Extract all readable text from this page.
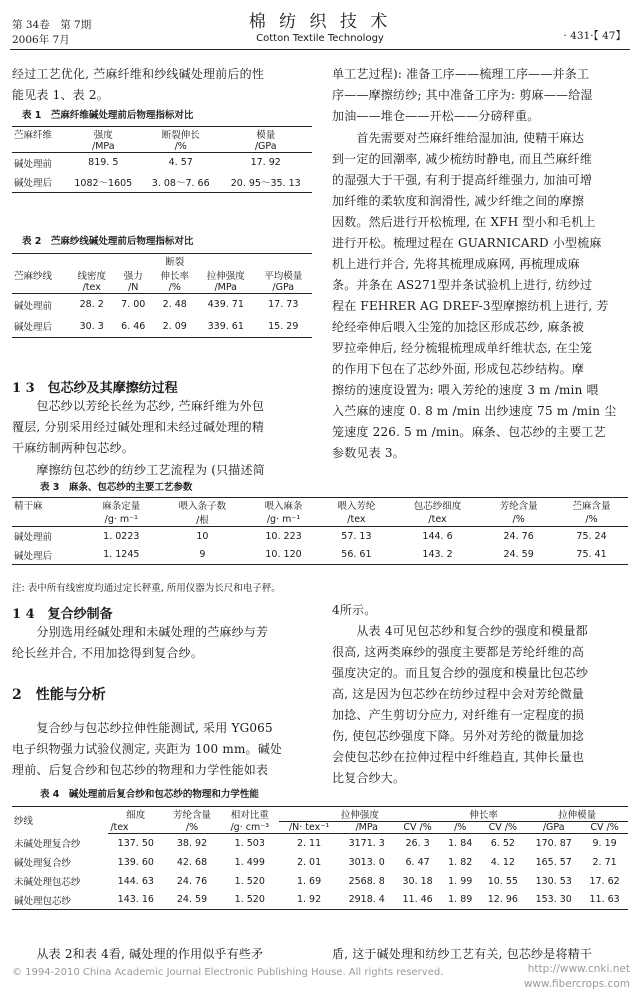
第 34卷　第 7期
2006年 7月
棉 纺 织 技 术
Cotton Textile Technology	· 431·【 47】
经过工艺优化, 苎麻纤维和纱线碱处理前后的性
能见表 1、表 2。
表 1　苎麻纤维碱处理前后物理指标对比
苎麻纤维	强度	断裂伸长	模量
	/MPa	/%	/GPa
碱处理前	819. 5	4. 57	17. 92
碱处理后	1082～1605	3. 08～7. 66	20. 95～35. 13
表 2　苎麻纱线碱处理前后物理指标对比
			断裂		
苎麻纱线	线密度	强力	伸长率	拉伸强度	平均模量
	/tex	/N	/%	/MPa	/GPa
碱处理前	28. 2	7. 00	2. 48	439. 71	17. 73
碱处理后	30. 3	6. 46	2. 09	339. 61	15. 29
1 3　包芯纱及其摩擦纺过程
　　包芯纱以芳纶长丝为芯纱, 苎麻纤维为外包
覆层, 分别采用经过碱处理和未经过碱处理的精
干麻纺制两种包芯纱。
　　摩擦纺包芯纱的纺纱工艺流程为 (只描述简
单工艺过程): 准备工序——梳理工序——并条工
序——摩擦纺纱; 其中准备工序为: 剪麻——给湿
加油——堆仓——开松——分磅秤重。
　　首先需要对苎麻纤维给湿加油, 使精干麻达
到一定的回潮率, 减少梳纺时静电, 而且苎麻纤维
的湿强大于干强, 有利于提高纤维强力, 加油可增
加纤维的柔软度和润滑性, 减少纤维之间的摩擦
因数。然后进行开松梳理, 在 XFH 型小和毛机上
进行开松。梳理过程在 GUARNICARD 小型梳麻
机上进行并合, 先将其梳理成麻网, 再梳理成麻
条。并条在 AS271型并条试验机上进行, 纺纱过
程在 FEHRER AG DREF-3型摩擦纺机上进行, 芳
纶经牵伸后喂入尘笼的加捻区形成芯纱, 麻条被
罗拉牵伸后, 经分梳辊梳理成单纤维状态, 在尘笼
的作用下包在了芯纱外面, 形成包芯纱结构。摩
擦纺的速度设置为: 喂入芳纶的速度 3 m /min 喂
入苎麻的速度 0. 8 m /min 出纱速度 75 m /min 尘
笼速度 226. 5 m /min。麻条、包芯纱的主要工艺
参数见表 3。
表 3　麻条、包芯纱的主要工艺参数
精干麻	麻条定量	喂入条子数	喂入麻条	喂入芳纶	包芯纱细度	芳纶含量	苎麻含量
	/g· m⁻¹	/根	/g· m⁻¹	/tex	/tex	/%	/%
碱处理前	1. 0223	10	10. 223	57. 13	144. 6	24. 76	75. 24
碱处理后	1. 1245	9	10. 120	56. 61	143. 2	24. 59	75. 41
注: 表中所有线密度均通过定长秤重, 所用仪器为长尺和电子秤。
1 4　复合纱制备
　　分别选用经碱处理和未碱处理的苎麻纱与芳
纶长丝并合, 不用加捻得到复合纱。
2　性能与分析
　　复合纱与包芯纱拉伸性能测试, 采用 YG065
电子织物强力试验仪测定, 夹距为 100 mm。碱处
理前、后复合纱和包芯纱的物理和力学性能如表
4所示。
　　从表 4可见包芯纱和复合纱的强度和模量都
很高, 这两类麻纱的强度主要都是芳纶纤维的高
强度决定的。而且复合纱的强度和模量比包芯纱
高, 这是因为包芯纱在纺纱过程中会对芳纶微量
加捻、产生剪切分应力, 对纤维有一定程度的损
伤, 使包芯纱强度下降。另外对芳纶的微量加捻
会使包芯纱在拉伸过程中纤维趋直, 其伸长量也
比复合纱大。
表 4　碱处理前后复合纱和包芯纱的物理和力学性能
纱线	细度	芳纶含量	相对比重	拉伸强度			伸长率		拉伸模量	
	/tex	/%	/g· cm⁻³	/N· tex⁻¹	/MPa	CV /%	/%	CV /%	/GPa	CV /%
未碱处理复合纱	137. 50	38. 92	1. 503	2. 11	3171. 3	26. 3	1. 84	6. 52	170. 87	9. 19
碱处理复合纱	139. 60	42. 68	1. 499	2. 01	3013. 0	6. 47	1. 82	4. 12	165. 57	2. 71
未碱处理包芯纱	144. 63	24. 76	1. 520	1. 69	2568. 8	30. 18	1. 99	10. 55	130. 53	17. 62
碱处理包芯纱	143. 16	24. 59	1. 520	1. 92	2918. 4	11. 46	1. 89	12. 96	153. 30	11. 63
　　从表 2和表 4看, 碱处理的作用似乎有些矛	盾, 这于碱处理和纺纱工艺有关, 包芯纱是将精干
© 1994-2010 China Academic Journal Electronic Publishing House. All rights reserved.	http://www.cnki.net
www.fibercrops.com
